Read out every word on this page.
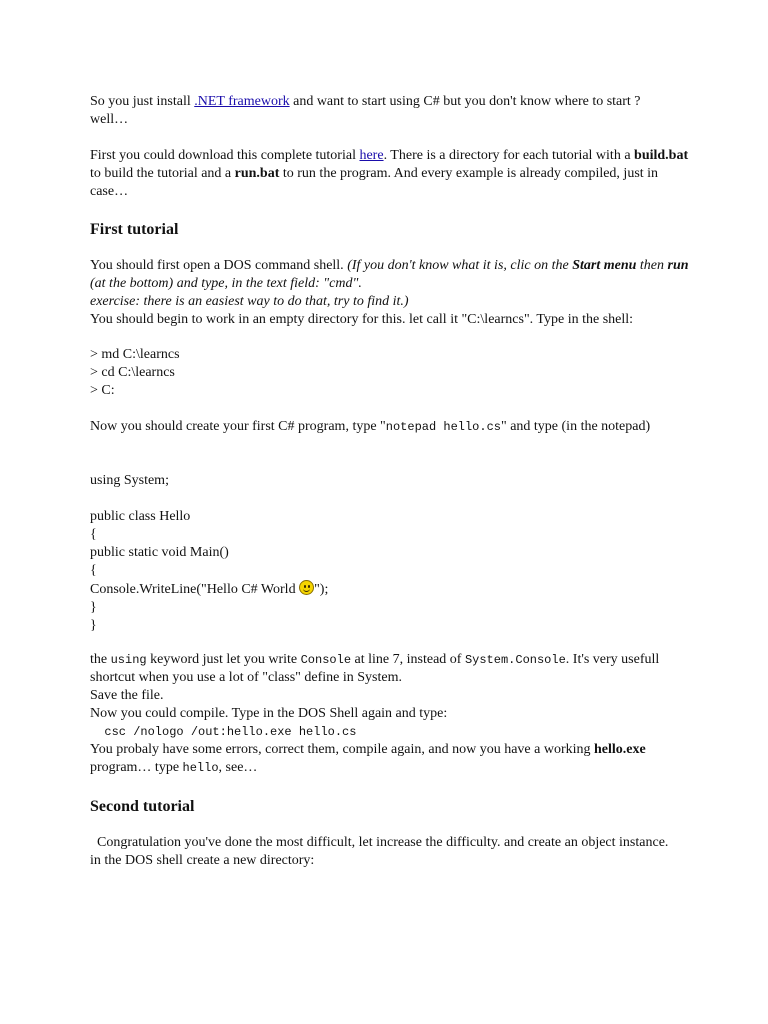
So you just install .NET framework and want to start using C# but you don't know where to start ? well…

First you could download this complete tutorial here. There is a directory for each tutorial with a build.bat to build the tutorial and a run.bat to run the program. And every example is already compiled, just in case…

First tutorial

You should first open a DOS command shell. (If you don't know what it is, clic on the Start menu then run (at the bottom) and type, in the text field: "cmd".
exercise: there is an easiest way to do that, try to find it.)
You should begin to work in an empty directory for this. let call it "C:\learncs". Type in the shell:

> md C:\learncs
> cd C:\learncs
> C:

Now you should create your first C# program, type "notepad hello.cs" and type (in the notepad)

using System;
public class Hello
{
public static void Main()
{
Console.WriteLine("Hello C# World
");
}
}
the using keyword just let you write Console at line 7, instead of System.Console. It's very usefull shortcut when you use a lot of "class" define in System.
Save the file.
Now you could compile. Type in the DOS Shell again and type:
csc /nologo /out:hello.exe hello.cs
You probaly have some errors, correct them, compile again, and now you have a working hello.exe program… type hello, see…
Second tutorial

Congratulation you've done the most difficult, let increase the difficulty. and create an object instance. in the DOS shell create a new directory:
